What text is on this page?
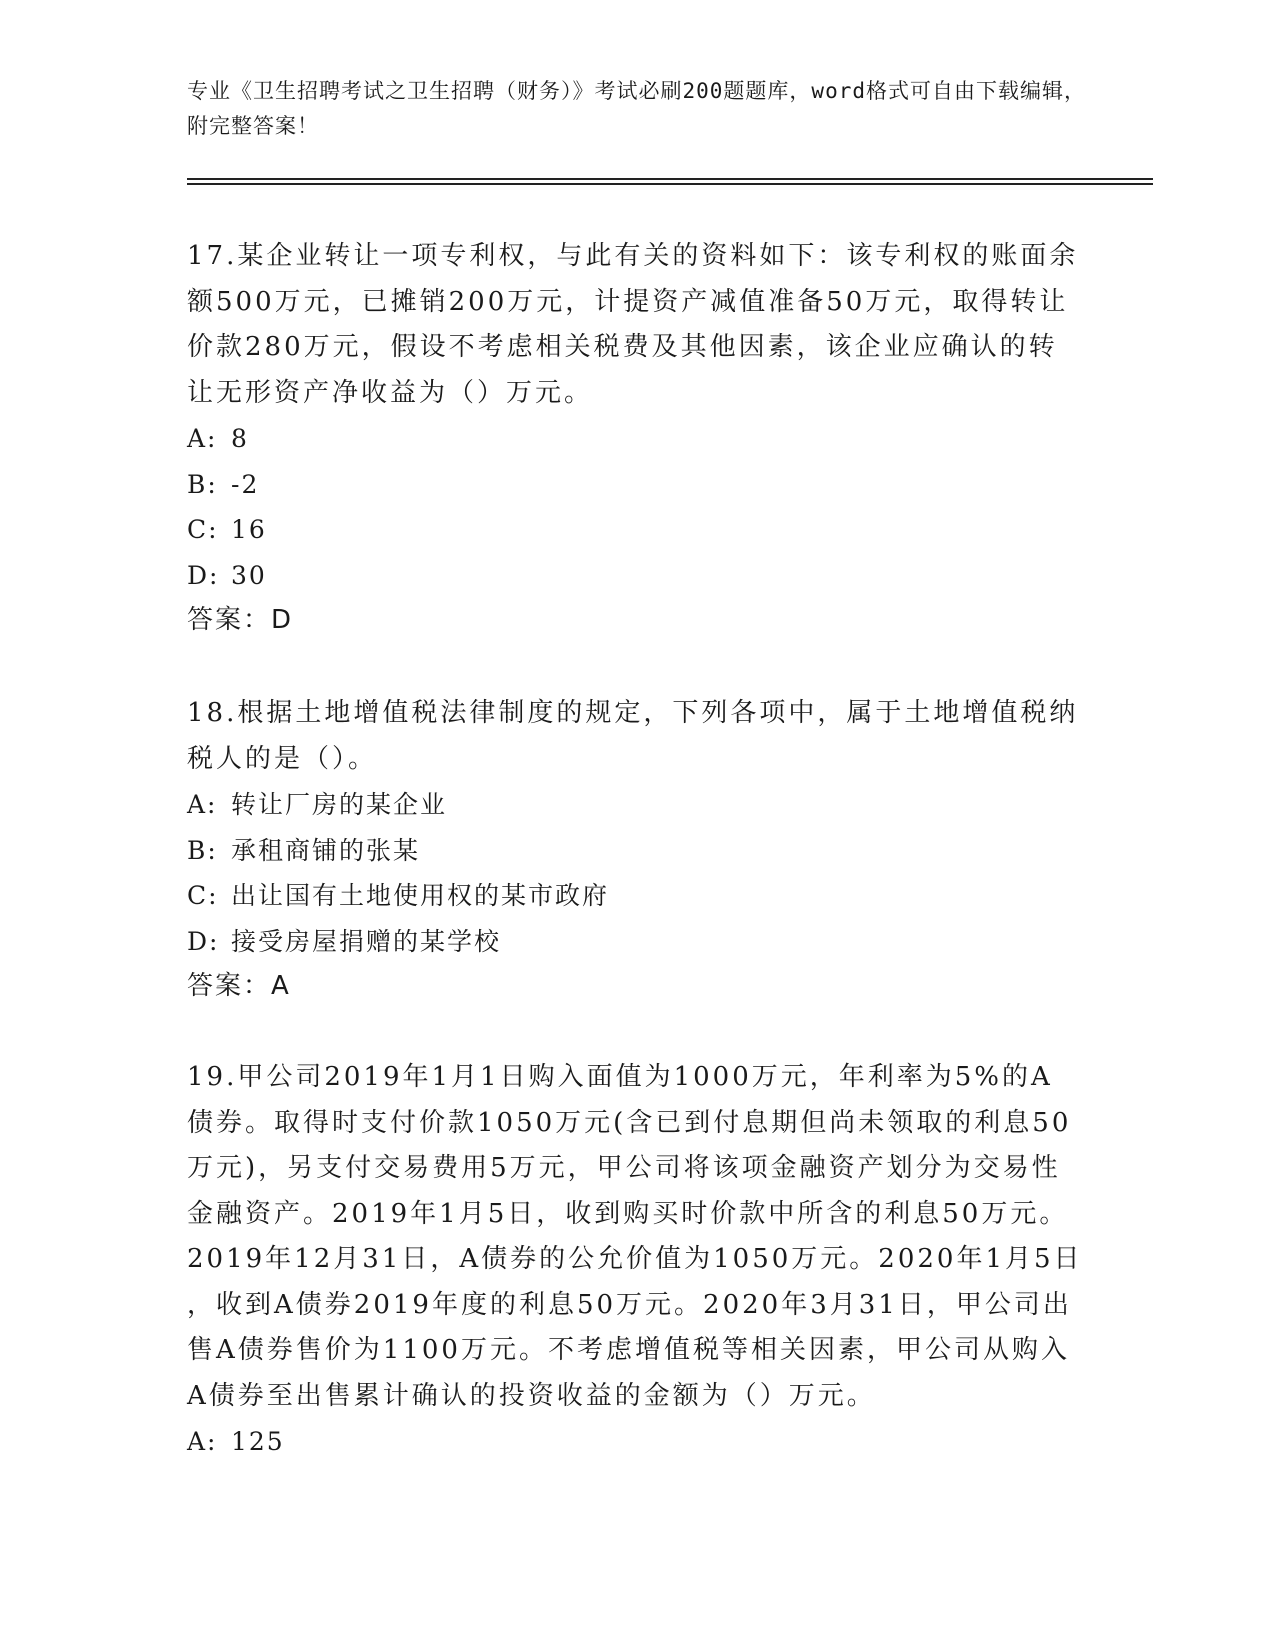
专业《卫生招聘考试之卫生招聘（财务）》考试必刷200题题库，word格式可自由下载编辑，附完整答案！

17.某企业转让一项专利权，与此有关的资料如下：该专利权的账面余
额500万元，已摊销200万元，计提资产减值准备50万元，取得转让
价款280万元，假设不考虑相关税费及其他因素，该企业应确认的转
让无形资产净收益为（）万元。

A: 8
B: -2
C: 16
D: 30

答案：D

18.根据土地增值税法律制度的规定，下列各项中，属于土地增值税纳
税人的是（）。

A: 转让厂房的某企业
B: 承租商铺的张某
C: 出让国有土地使用权的某市政府
D: 接受房屋捐赠的某学校

答案：A

19.甲公司2019年1月1日购入面值为1000万元，年利率为5%的A
债券。取得时支付价款1050万元(含已到付息期但尚未领取的利息50
万元)，另支付交易费用5万元，甲公司将该项金融资产划分为交易性
金融资产。2019年1月5日，收到购买时价款中所含的利息50万元。
2019年12月31日，A债券的公允价值为1050万元。2020年1月5日
，收到A债券2019年度的利息50万元。2020年3月31日，甲公司出
售A债券售价为1100万元。不考虑增值税等相关因素，甲公司从购入
A债券至出售累计确认的投资收益的金额为（）万元。

A: 125
